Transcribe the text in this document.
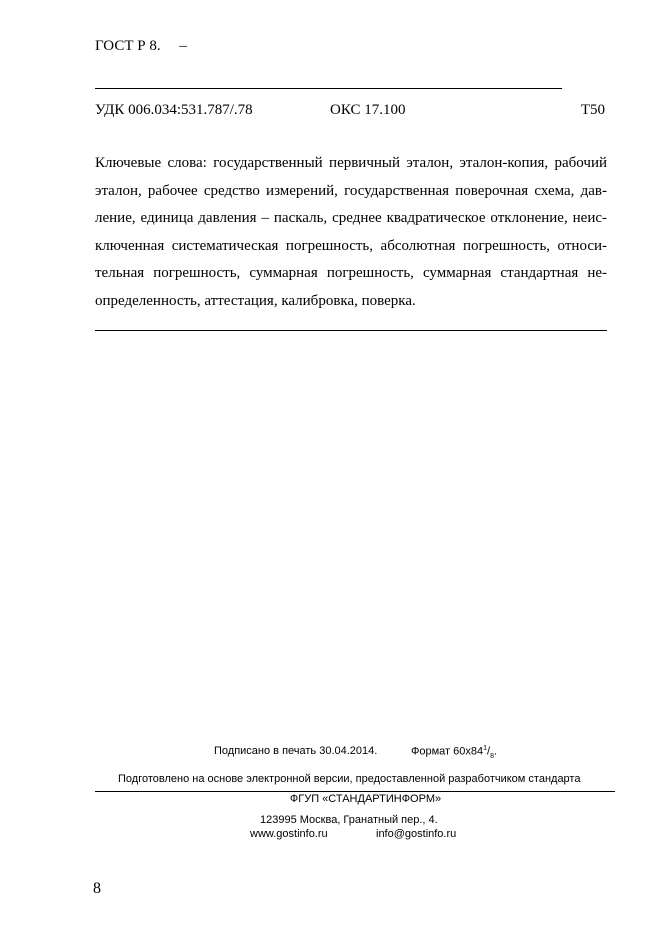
ГОСТ Р 8.     –
УДК 006.034:531.787/.78	ОКС 17.100	Т50
Ключевые слова: государственный первичный эталон, эталон-копия, рабочий
эталон, рабочее средство измерений, государственная поверочная схема, дав-
ление, единица давления – паскаль, среднее квадратическое отклонение, неис-
ключенная систематическая погрешность, абсолютная погрешность, относи-
тельная погрешность, суммарная погрешность, суммарная стандартная не-
определенность, аттестация, калибровка, поверка.
Подписано в печать 30.04.2014.	Формат $60x84^1/_8$.
Подготовлено на основе электронной версии, предоставленной разработчиком стандарта
ФГУП «СТАНДАРТИНФОРМ»
123995 Москва, Гранатный пер., 4.
www.gostinfo.ru	info@gostinfo.ru
8
